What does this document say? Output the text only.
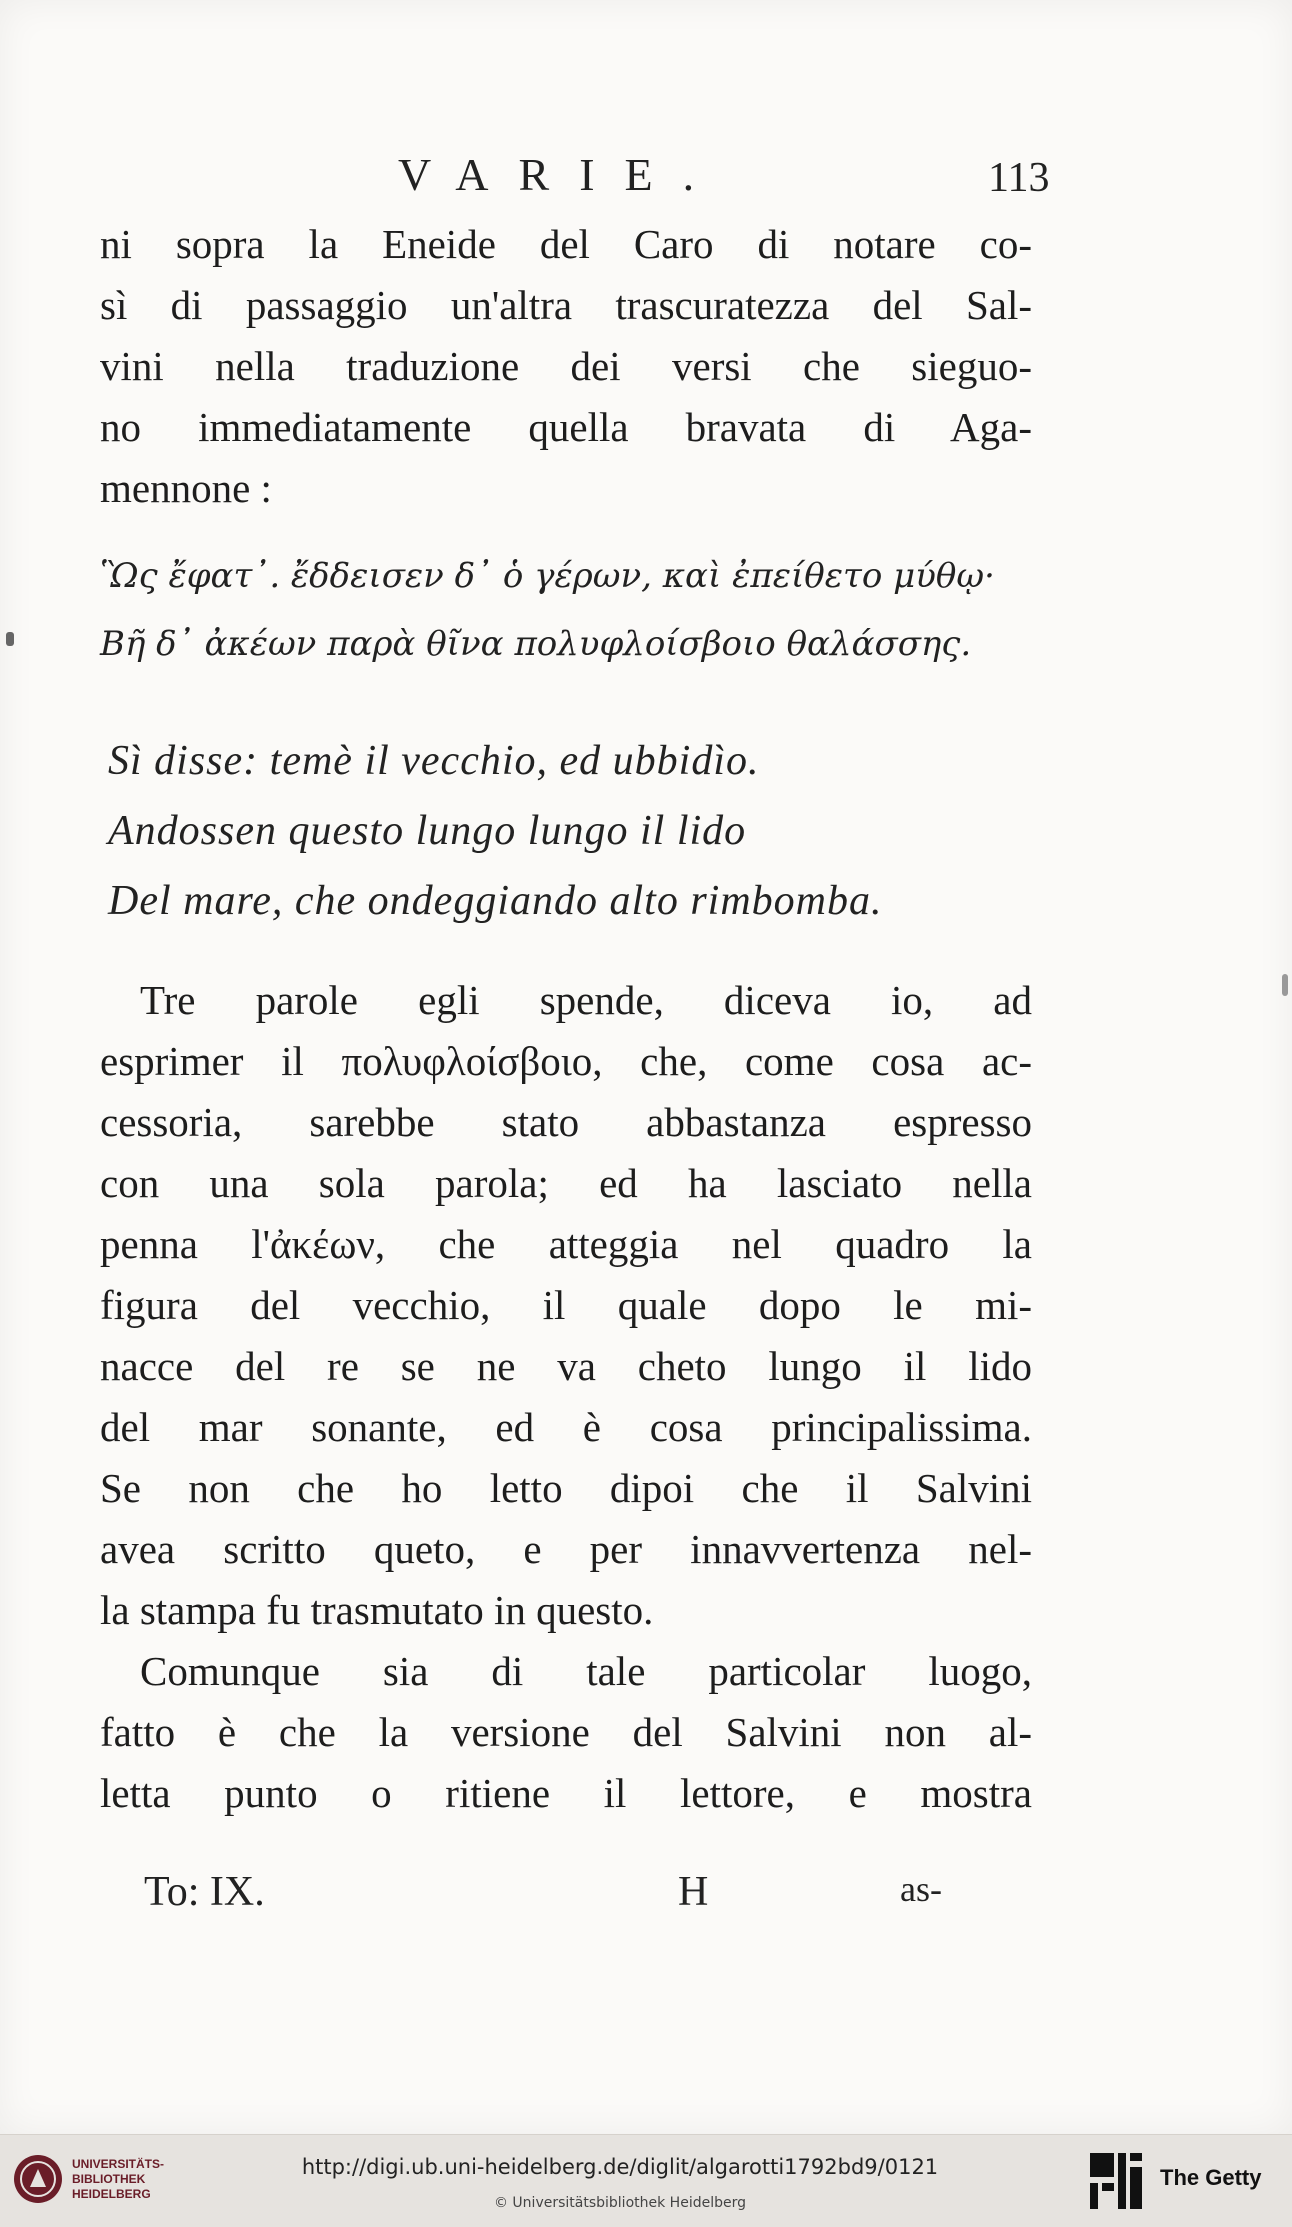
VARIE.	113
ni sopra la Eneide del Caro di notare co-
sì di passaggio un'altra trascuratezza del Sal-
vini nella traduzione dei versi che sieguo-
no immediatamente quella bravata di Aga-
mennone :
Ὣς ἔφατ᾽. ἔδδεισεν δ᾽ ὁ γέρων, καὶ ἐπείθετο μύθῳ·
Βῆ δ᾽ ἀκέων παρὰ θῖνα πολυφλοίσβοιο θαλάσσης.
Sì disse: temè il vecchio, ed ubbidìo.
Andossen questo lungo lungo il lido
Del mare, che ondeggiando alto rimbomba.
Tre parole egli spende, diceva io, ad
esprimer il πολυφλοίσβοιο, che, come cosa ac-
cessoria, sarebbe stato abbastanza espresso
con una sola parola; ed ha lasciato nella
penna l'ἀκέων, che atteggia nel quadro la
figura del vecchio, il quale dopo le mi-
nacce del re se ne va cheto lungo il lido
del mar sonante, ed è cosa principalissima.
Se non che ho letto dipoi che il Salvini
avea scritto queto, e per innavvertenza nel-
la stampa fu trasmutato in questo.
Comunque sia di tale particolar luogo,
fatto è che la versione del Salvini non al-
letta punto o ritiene il lettore, e mostra
To: IX.	H	as-
UNIVERSITÄTS-
BIBLIOTHEK
HEIDELBERG
http://digi.ub.uni-heidelberg.de/diglit/algarotti1792bd9/0121
© Universitätsbibliothek Heidelberg
The Getty
